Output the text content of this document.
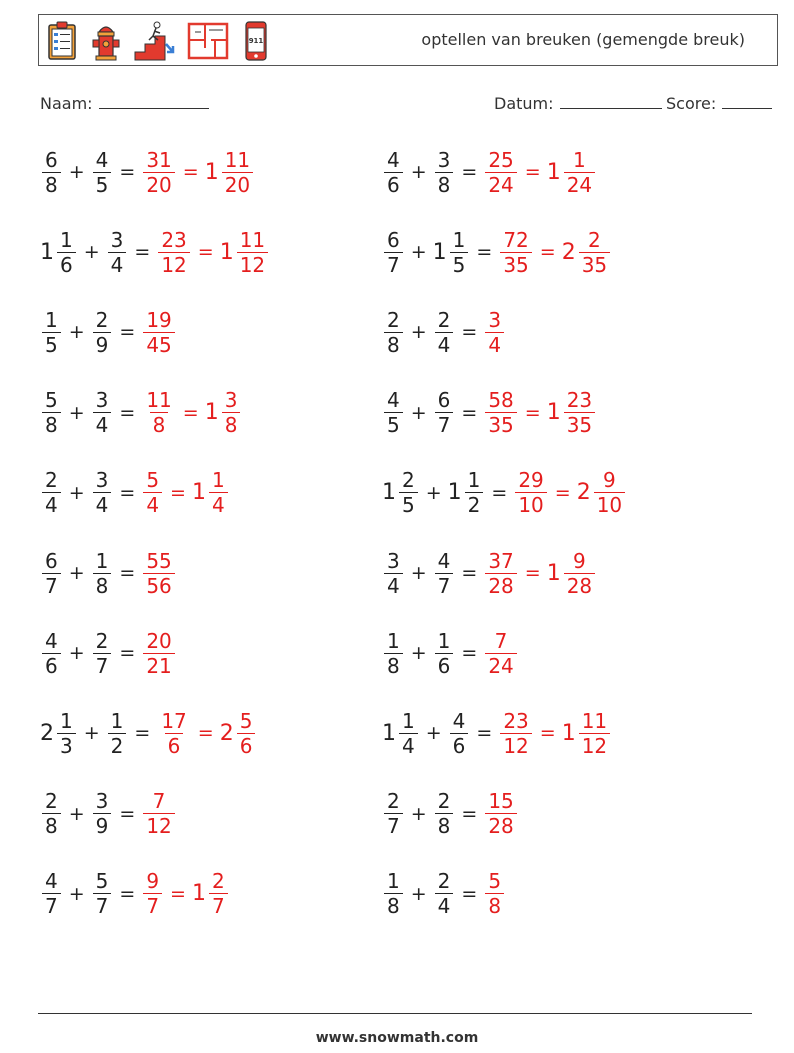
911	optellen van breuken (gemengde breuk)
Naam:	Datum:	Score:
$\frac{6}{8} + \frac{4}{5} = \frac{31}{20} = 1 \frac{11}{20}$	$\frac{4}{6} + \frac{3}{8} = \frac{25}{24} = 1 \frac{1}{24}$
$1 \frac{1}{6} + \frac{3}{4} = \frac{23}{12} = 1 \frac{11}{12}$	$\frac{6}{7} + 1 \frac{1}{5} = \frac{72}{35} = 2 \frac{2}{35}$
$\frac{1}{5} + \frac{2}{9} = \frac{19}{45}$	$\frac{2}{8} + \frac{2}{4} = \frac{3}{4}$
$\frac{5}{8} + \frac{3}{4} = \frac{11}{8} = 1 \frac{3}{8}$	$\frac{4}{5} + \frac{6}{7} = \frac{58}{35} = 1 \frac{23}{35}$
$\frac{2}{4} + \frac{3}{4} = \frac{5}{4} = 1 \frac{1}{4}$	$1 \frac{2}{5} + 1 \frac{1}{2} = \frac{29}{10} = 2 \frac{9}{10}$
$\frac{6}{7} + \frac{1}{8} = \frac{55}{56}$	$\frac{3}{4} + \frac{4}{7} = \frac{37}{28} = 1 \frac{9}{28}$
$\frac{4}{6} + \frac{2}{7} = \frac{20}{21}$	$\frac{1}{8} + \frac{1}{6} = \frac{7}{24}$
$2 \frac{1}{3} + \frac{1}{2} = \frac{17}{6} = 2 \frac{5}{6}$	$1 \frac{1}{4} + \frac{4}{6} = \frac{23}{12} = 1 \frac{11}{12}$
$\frac{2}{8} + \frac{3}{9} = \frac{7}{12}$	$\frac{2}{7} + \frac{2}{8} = \frac{15}{28}$
$\frac{4}{7} + \frac{5}{7} = \frac{9}{7} = 1 \frac{2}{7}$	$\frac{1}{8} + \frac{2}{4} = \frac{5}{8}$
www.snowmath.com
